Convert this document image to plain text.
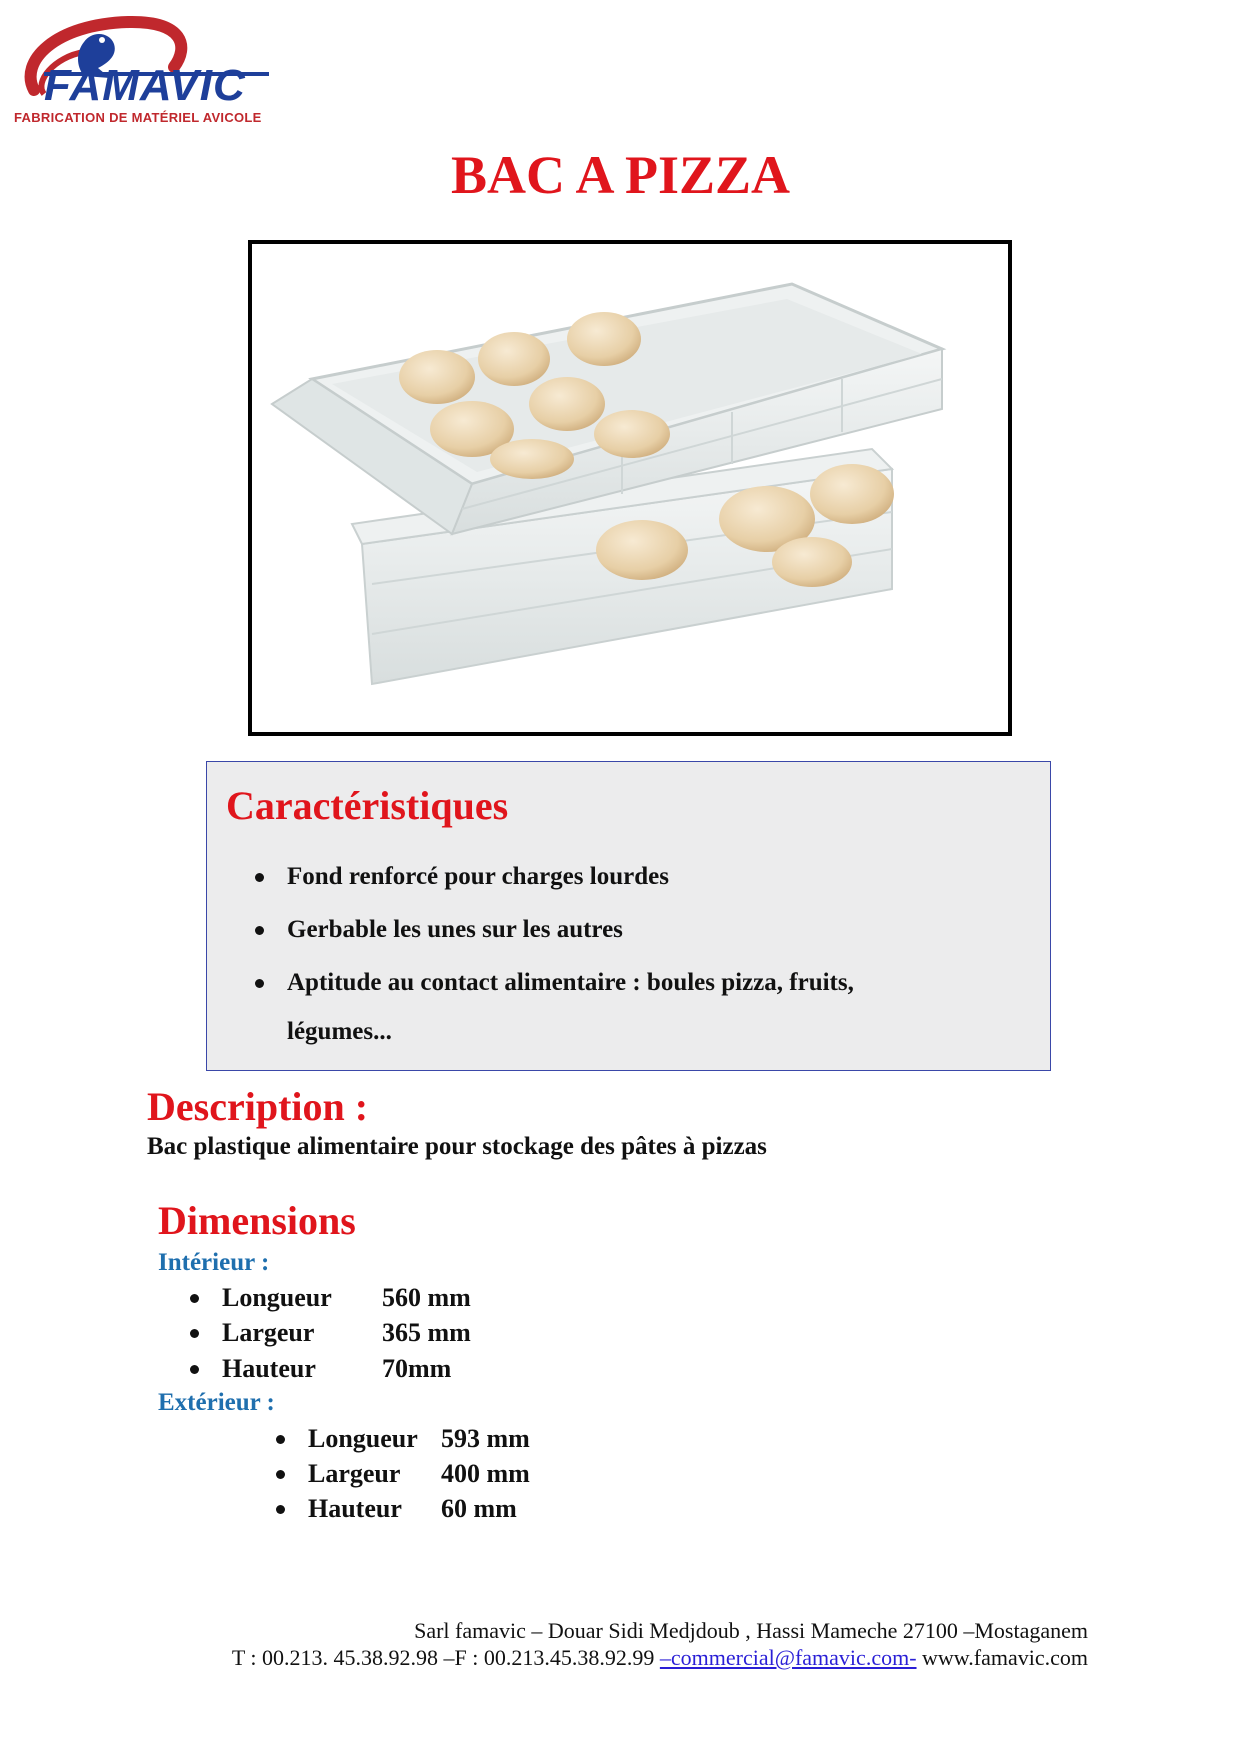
FAMAVIC
FABRICATION DE MATÉRIEL AVICOLE
BAC A PIZZA
Caractéristiques
Fond renforcé pour charges lourdes
Gerbable les unes sur les autres
Aptitude au contact alimentaire : boules pizza, fruits,
légumes...
Description :
Bac plastique alimentaire pour stockage des pâtes à pizzas
Dimensions
Intérieur :
Longueur 560 mm
Largeur	365 mm
Hauteur	70mm
Extérieur :
Longueur 593 mm
Largeur 400 mm
Hauteur 60 mm
Sarl famavic – Douar Sidi Medjdoub , Hassi Mameche 27100 –Mostaganem
T : 00.213. 45.38.92.98 –F : 00.213.45.38.92.99 –commercial@famavic.com- www.famavic.com
